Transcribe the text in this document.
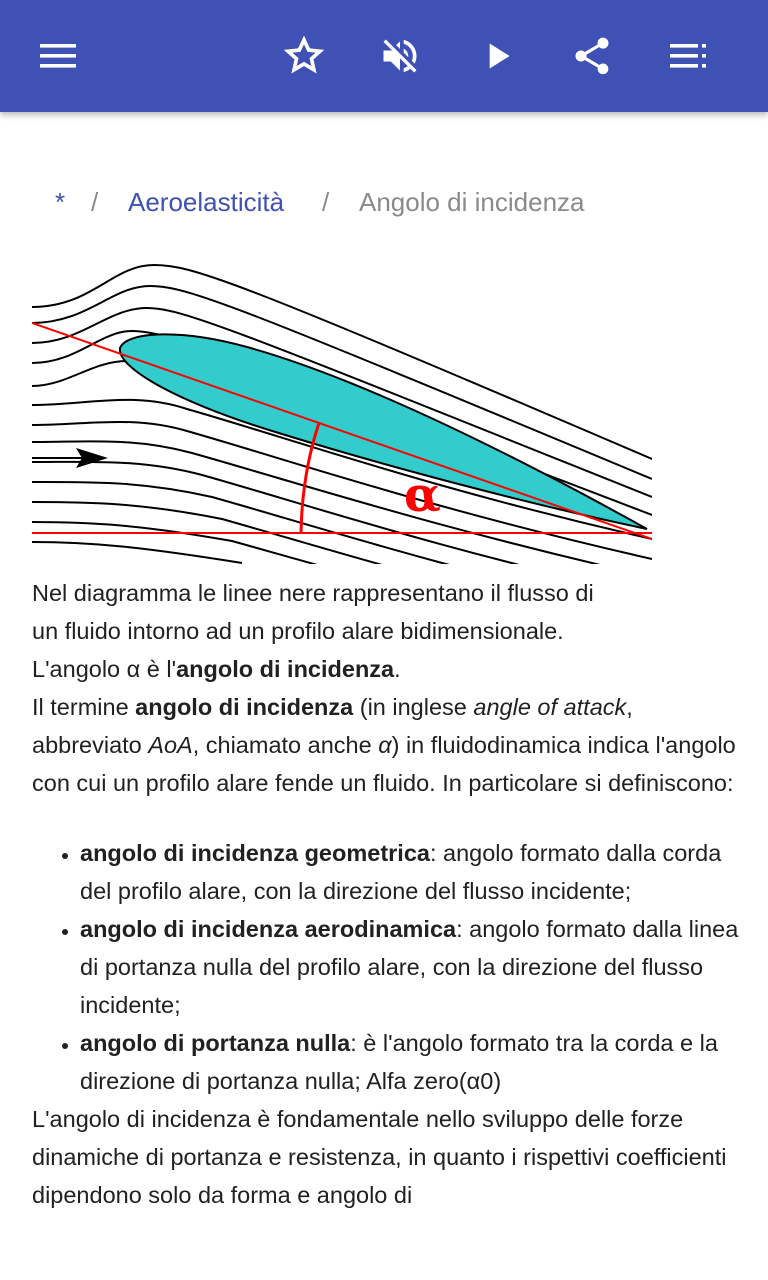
* / Aeroelasticità / Angolo di incidenza
α

Nel diagramma le linee nere rappresentano il flusso di
un fluido intorno ad un profilo alare bidimensionale.
L'angolo α è l'angolo di incidenza.

Il termine angolo di incidenza (in inglese angle of attack, abbreviato AoA, chiamato anche α) in fluidodinamica indica l'angolo con cui un profilo alare fende un fluido. In particolare si definiscono:

• angolo di incidenza geometrica: angolo formato dalla corda del profilo alare, con la direzione del flusso incidente;
• angolo di incidenza aerodinamica: angolo formato dalla linea di portanza nulla del profilo alare, con la direzione del flusso incidente;
• angolo di portanza nulla: è l'angolo formato tra la corda e la direzione di portanza nulla; Alfa zero(α0)

L'angolo di incidenza è fondamentale nello sviluppo delle forze dinamiche di portanza e resistenza, in quanto i rispettivi coefficienti dipendono solo da forma e angolo di
